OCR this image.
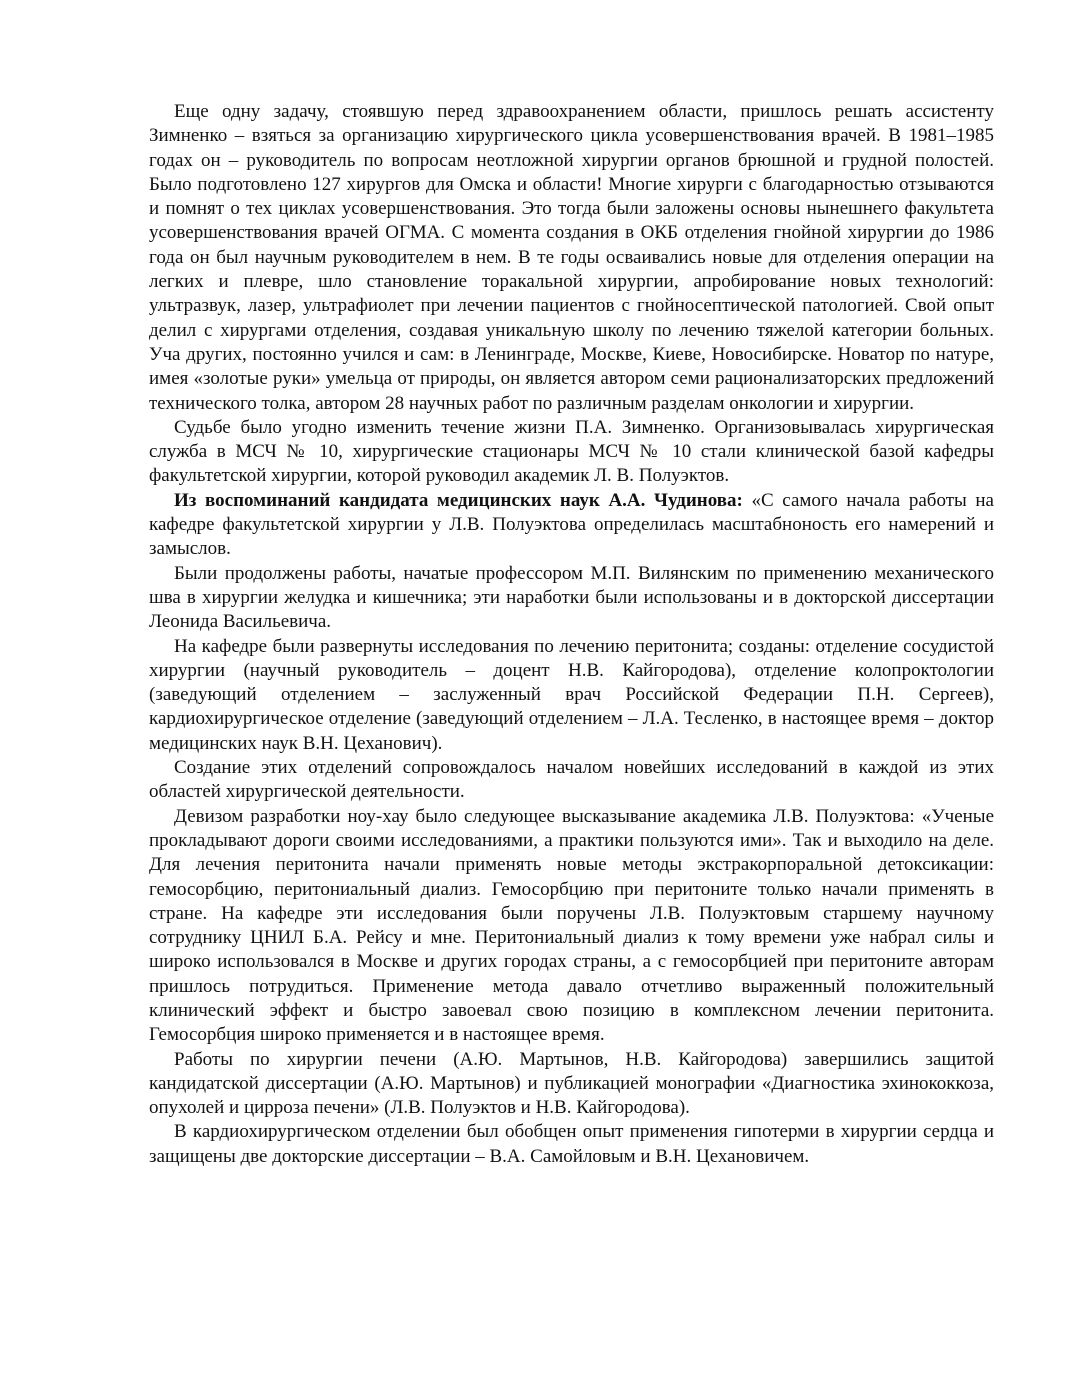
Еще одну задачу, стоявшую перед здравоохранением области, пришлось решать ассистенту Зимненко – взяться за организацию хирургического цикла усовершенствования врачей. В 1981–1985 годах он – руководитель по вопросам неотложной хирургии органов брюшной и грудной полостей. Было подготовлено 127 хирургов для Омска и области! Многие хирурги с благодарностью отзываются и помнят о тех циклах усовершенствования. Это тогда были заложены основы нынешнего факультета усовершенствования врачей ОГМА. С момента создания в ОКБ отделения гнойной хирургии до 1986 года он был научным руководителем в нем. В те годы осваивались новые для отделения операции на легких и плевре, шло становление торакальной хирургии, апробирование новых технологий: ультразвук, лазер, ультрафиолет при лечении пациентов с гнойносептической патологией. Свой опыт делил с хирургами отделения, создавая уникальную школу по лечению тяжелой категории больных. Уча других, постоянно учился и сам: в Ленинграде, Москве, Киеве, Новосибирске. Новатор по натуре, имея «золотые руки» умельца от природы, он является автором семи рационализаторских предложений технического толка, автором 28 научных работ по различным разделам онкологии и хирургии.

Судьбе было угодно изменить течение жизни П.А. Зимненко. Организовывалась хирургическая служба в МСЧ № 10, хирургические стационары МСЧ № 10 стали клинической базой кафедры факультетской хирургии, которой руководил академик Л. В. Полуэктов.

Из воспоминаний кандидата медицинских наук А.А. Чудинова: «С самого начала работы на кафедре факультетской хирургии у Л.В. Полуэктова определилась масштабноность его намерений и замыслов.

Были продолжены работы, начатые профессором М.П. Вилянским по применению механического шва в хирургии желудка и кишечника; эти наработки были использованы и в докторской диссертации Леонида Васильевича.

На кафедре были развернуты исследования по лечению перитонита; созданы: отделение сосудистой хирургии (научный руководитель – доцент Н.В. Кайгородова), отделение колопроктологии (заведующий отделением – заслуженный врач Российской Федерации П.Н. Сергеев), кардиохирургическое отделение (заведующий отделением – Л.А. Тесленко, в настоящее время – доктор медицинских наук В.Н. Цеханович).

Создание этих отделений сопровождалось началом новейших исследований в каждой из этих областей хирургической деятельности.

Девизом разработки ноу-хау было следующее высказывание академика Л.В. Полуэктова: «Ученые прокладывают дороги своими исследованиями, а практики пользуются ими». Так и выходило на деле. Для лечения перитонита начали применять новые методы экстракорпоральной детоксикации: гемосорбцию, перитониальный диализ. Гемосорбцию при перитоните только начали применять в стране. На кафедре эти исследования были поручены Л.В. Полуэктовым старшему научному сотруднику ЦНИЛ Б.А. Рейсу и мне. Перитониальный диализ к тому времени уже набрал силы и широко использовался в Москве и других городах страны, а с гемосорбцией при перитоните авторам пришлось потрудиться. Применение метода давало отчетливо выраженный положительный клинический эффект и быстро завоевал свою позицию в комплексном лечении перитонита. Гемосорбция широко применяется и в настоящее время.

Работы по хирургии печени (А.Ю. Мартынов, Н.В. Кайгородова) завершились защитой кандидатской диссертации (А.Ю. Мартынов) и публикацией монографии «Диагностика эхинококкоза, опухолей и цирроза печени» (Л.В. Полуэктов и Н.В. Кайгородова).

В кардиохирургическом отделении был обобщен опыт применения гипотерми в хирургии сердца и защищены две докторские диссертации – В.А. Самойловым и В.Н. Цехановичем.
